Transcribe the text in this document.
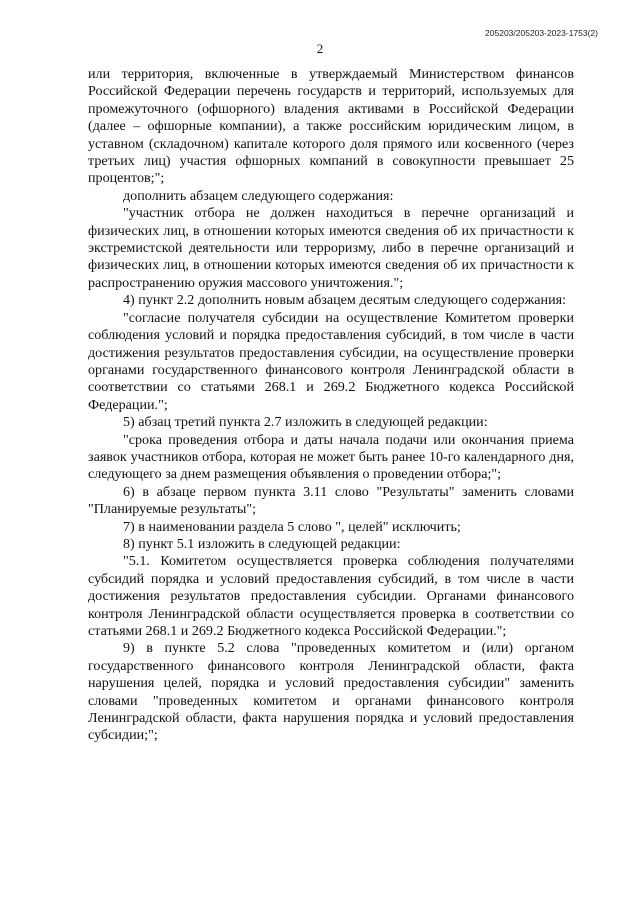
205203/205203-2023-1753(2)
2

или территория, включенные в утверждаемый Министерством финансов Российской Федерации перечень государств и территорий, используемых для промежуточного (офшорного) владения активами в Российской Федерации (далее – офшорные компании), а также российским юридическим лицом, в уставном (складочном) капитале которого доля прямого или косвенного (через третьих лиц) участия офшорных компаний в совокупности превышает 25 процентов;";

дополнить абзацем следующего содержания:

"участник отбора не должен находиться в перечне организаций и физических лиц, в отношении которых имеются сведения об их причастности к экстремистской деятельности или терроризму, либо в перечне организаций и физических лиц, в отношении которых имеются сведения об их причастности к распространению оружия массового уничтожения.";

4) пункт 2.2 дополнить новым абзацем десятым следующего содержания:

"согласие получателя субсидии на осуществление Комитетом проверки соблюдения условий и порядка предоставления субсидий, в том числе в части достижения результатов предоставления субсидии, на осуществление проверки органами государственного финансового контроля Ленинградской области в соответствии со статьями 268.1 и 269.2 Бюджетного кодекса Российской Федерации.";

5) абзац третий пункта 2.7 изложить в следующей редакции:

"срока проведения отбора и даты начала подачи или окончания приема заявок участников отбора, которая не может быть ранее 10-го календарного дня, следующего за днем размещения объявления о проведении отбора;";

6) в абзаце первом пункта 3.11 слово "Результаты" заменить словами "Планируемые результаты";

7) в наименовании раздела 5 слово ", целей" исключить;

8) пункт 5.1 изложить в следующей редакции:

"5.1. Комитетом осуществляется проверка соблюдения получателями субсидий порядка и условий предоставления субсидий, в том числе в части достижения результатов предоставления субсидии. Органами финансового контроля Ленинградской области осуществляется проверка в соответствии со статьями 268.1 и 269.2 Бюджетного кодекса Российской Федерации.";

9) в пункте 5.2 слова "проведенных комитетом и (или) органом государственного финансового контроля Ленинградской области, факта нарушения целей, порядка и условий предоставления субсидии" заменить словами "проведенных комитетом и органами финансового контроля Ленинградской области, факта нарушения порядка и условий предоставления субсидии;";
